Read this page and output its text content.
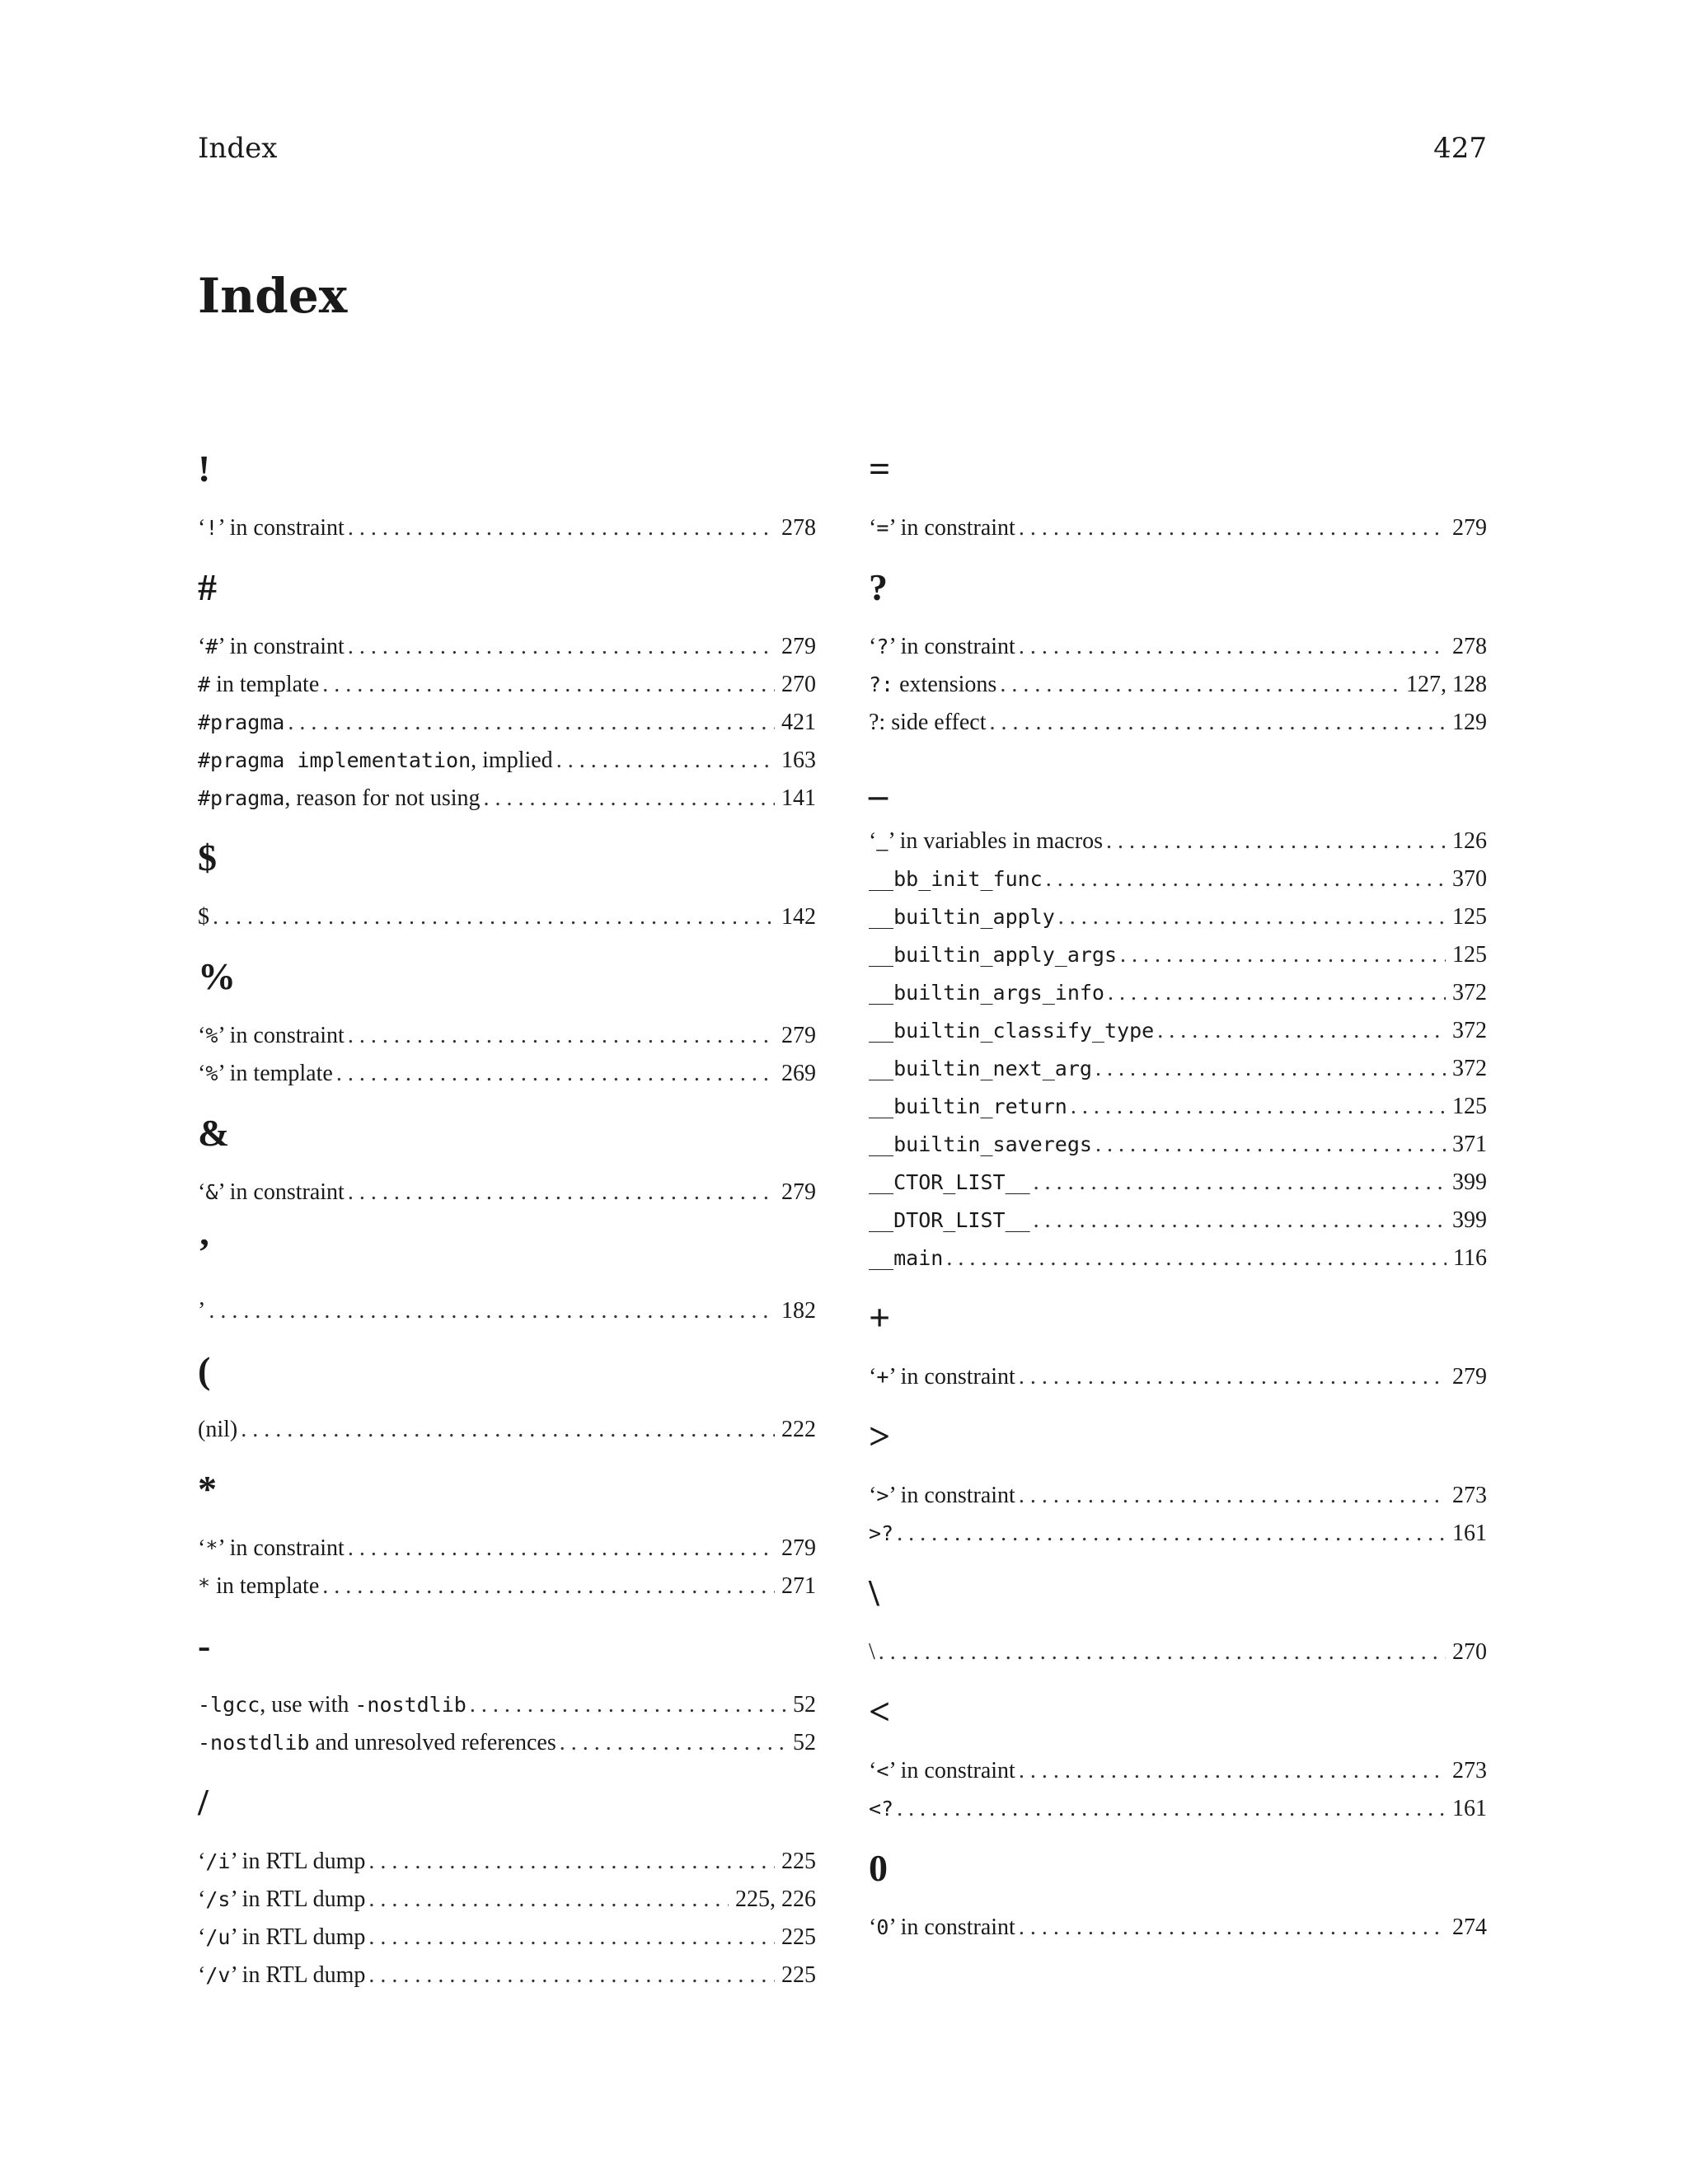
Index	427
Index
!
‘!’ in constraint . . .	278
#
‘#’ in constraint . . .	279
# in template . . .	270
#pragma . . .	421
#pragma implementation, implied . . .	163
#pragma, reason for not using . . .	141
$
$ . . .	142
%
‘%’ in constraint . . .	279
‘%’ in template . . .	269
&
‘&’ in constraint . . .	279
’
’ . . .	182
(
(nil) . . .	222
*
‘*’ in constraint . . .	279
* in template . . .	271
-
-lgcc, use with -nostdlib . . .	52
-nostdlib and unresolved references . . .	52
/
‘/i’ in RTL dump . . .	225
‘/s’ in RTL dump . . .	225, 226
‘/u’ in RTL dump . . .	225
‘/v’ in RTL dump . . .	225
=
‘=’ in constraint . . .	279
?
‘?’ in constraint . . .	278
?: extensions . . .	127, 128
?: side effect . . .	129
_
‘_’ in variables in macros . . .	126
__bb_init_func . . .	370
__builtin_apply . . .	125
__builtin_apply_args . . .	125
__builtin_args_info . . .	372
__builtin_classify_type . . .	372
__builtin_next_arg . . .	372
__builtin_return . . .	125
__builtin_saveregs . . .	371
__CTOR_LIST__ . . .	399
__DTOR_LIST__ . . .	399
__main . . .	116
+
‘+’ in constraint . . .	279
>
‘>’ in constraint . . .	273
>? . . .	161
\
\ . . .	270
<
‘<’ in constraint . . .	273
<? . . .	161
0
‘0’ in constraint . . .	274
